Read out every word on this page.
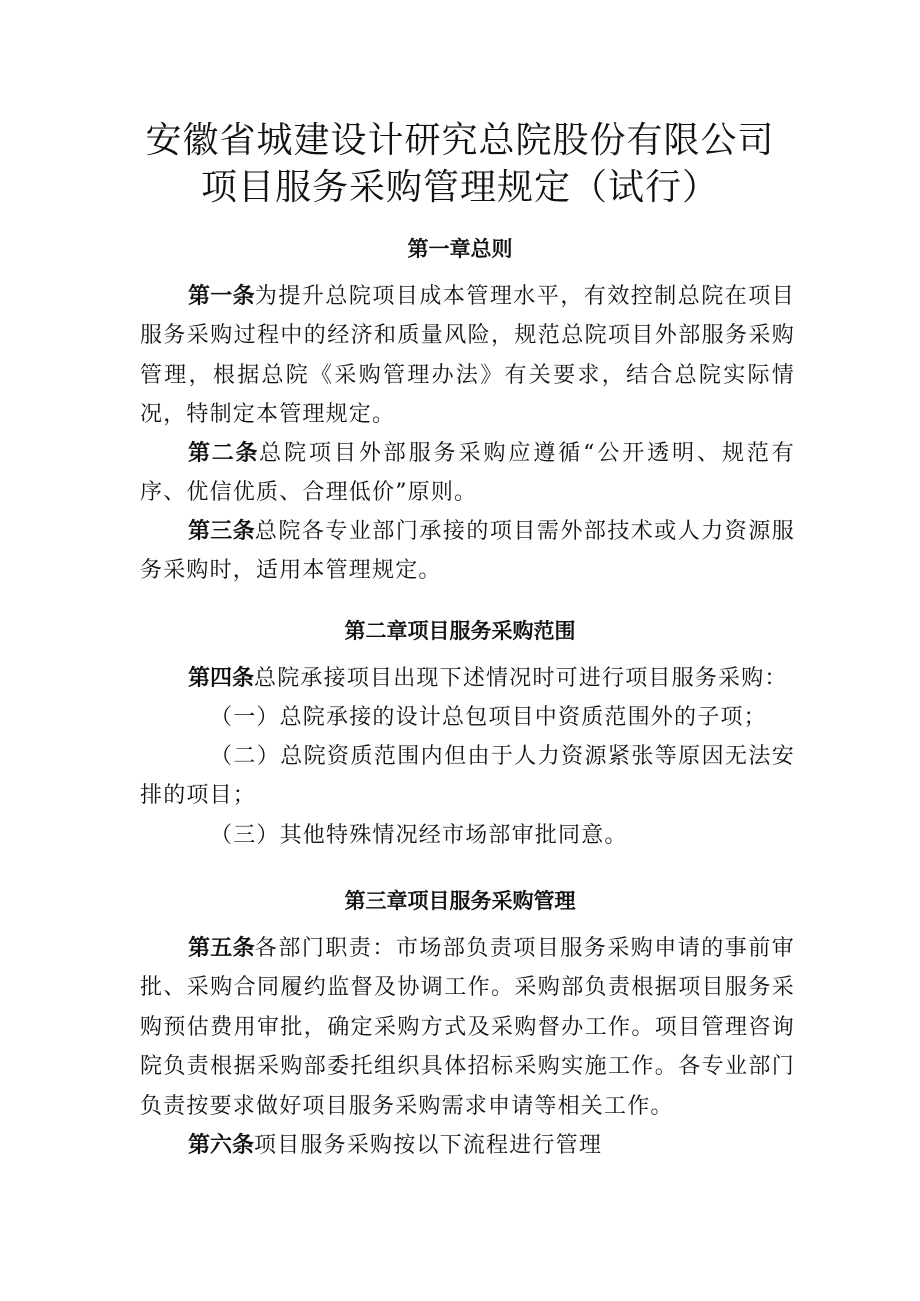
安徽省城建设计研究总院股份有限公司
项目服务采购管理规定（试行）
第一章总则
第一条为提升总院项目成本管理水平，有效控制总院在项目服务采购过程中的经济和质量风险，规范总院项目外部服务采购管理，根据总院《采购管理办法》有关要求，结合总院实际情况，特制定本管理规定。
第二条总院项目外部服务采购应遵循“公开透明、规范有序、优信优质、合理低价”原则。
第三条总院各专业部门承接的项目需外部技术或人力资源服务采购时，适用本管理规定。
第二章项目服务采购范围
第四条总院承接项目出现下述情况时可进行项目服务采购：
（一）总院承接的设计总包项目中资质范围外的子项；
（二）总院资质范围内但由于人力资源紧张等原因无法安排的项目；
（三）其他特殊情况经市场部审批同意。
第三章项目服务采购管理
第五条各部门职责：市场部负责项目服务采购申请的事前审批、采购合同履约监督及协调工作。采购部负责根据项目服务采购预估费用审批，确定采购方式及采购督办工作。项目管理咨询院负责根据采购部委托组织具体招标采购实施工作。各专业部门负责按要求做好项目服务采购需求申请等相关工作。
第六条项目服务采购按以下流程进行管理
